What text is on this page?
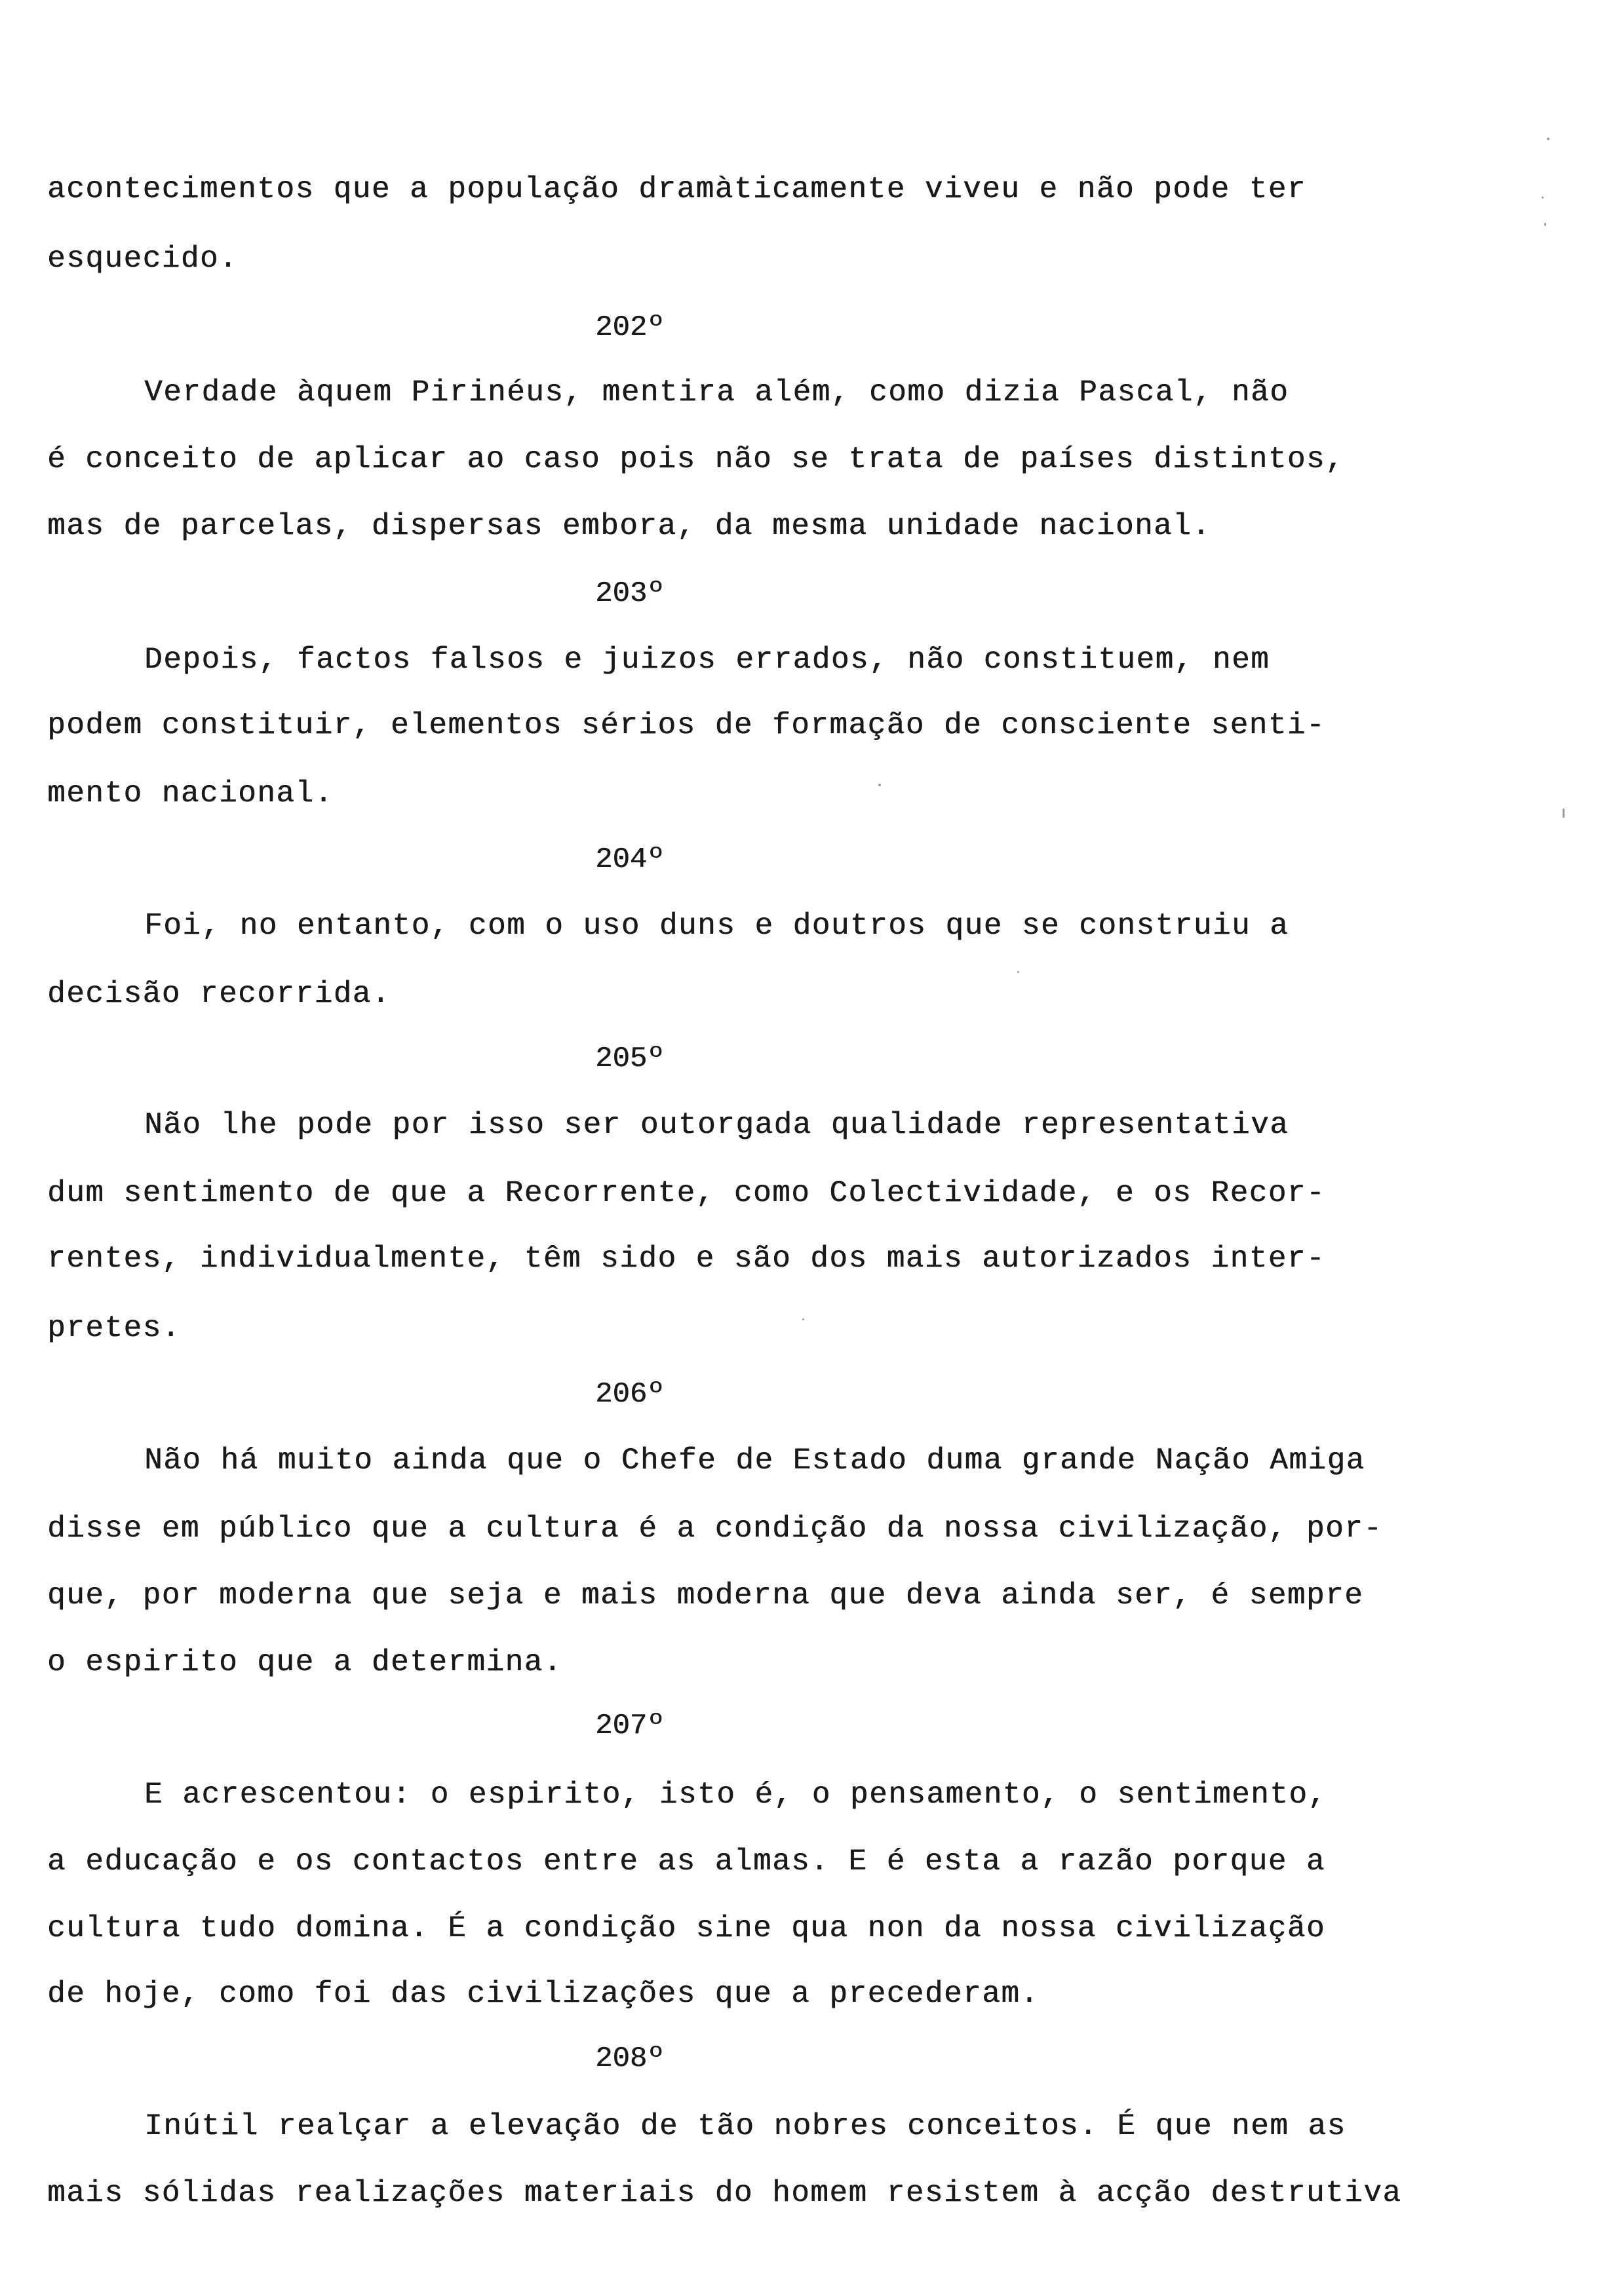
acontecimentos que a população dramàticamente viveu e não pode ter
esquecido.
202º
Verdade àquem Pirinéus, mentira além, como dizia Pascal, não
é conceito de aplicar ao caso pois não se trata de países distintos,
mas de parcelas, dispersas embora, da mesma unidade nacional.
203º
Depois, factos falsos e juizos errados, não constituem, nem
podem constituir, elementos sérios de formação de consciente senti-
mento nacional.
204º
Foi, no entanto, com o uso duns e doutros que se construiu a
decisão recorrida.
205º
Não lhe pode por isso ser outorgada qualidade representativa
dum sentimento de que a Recorrente, como Colectividade, e os Recor-
rentes, individualmente, têm sido e são dos mais autorizados inter-
pretes.
206º
Não há muito ainda que o Chefe de Estado duma grande Nação Amiga
disse em público que a cultura é a condição da nossa civilização, por-
que, por moderna que seja e mais moderna que deva ainda ser, é sempre
o espirito que a determina.
207º
E acrescentou: o espirito, isto é, o pensamento, o sentimento,
a educação e os contactos entre as almas. E é esta a razão porque a
cultura tudo domina. É a condição sine qua non da nossa civilização
de hoje, como foi das civilizações que a precederam.
208º
Inútil realçar a elevação de tão nobres conceitos. É que nem as
mais sólidas realizações materiais do homem resistem à acção destrutiva
